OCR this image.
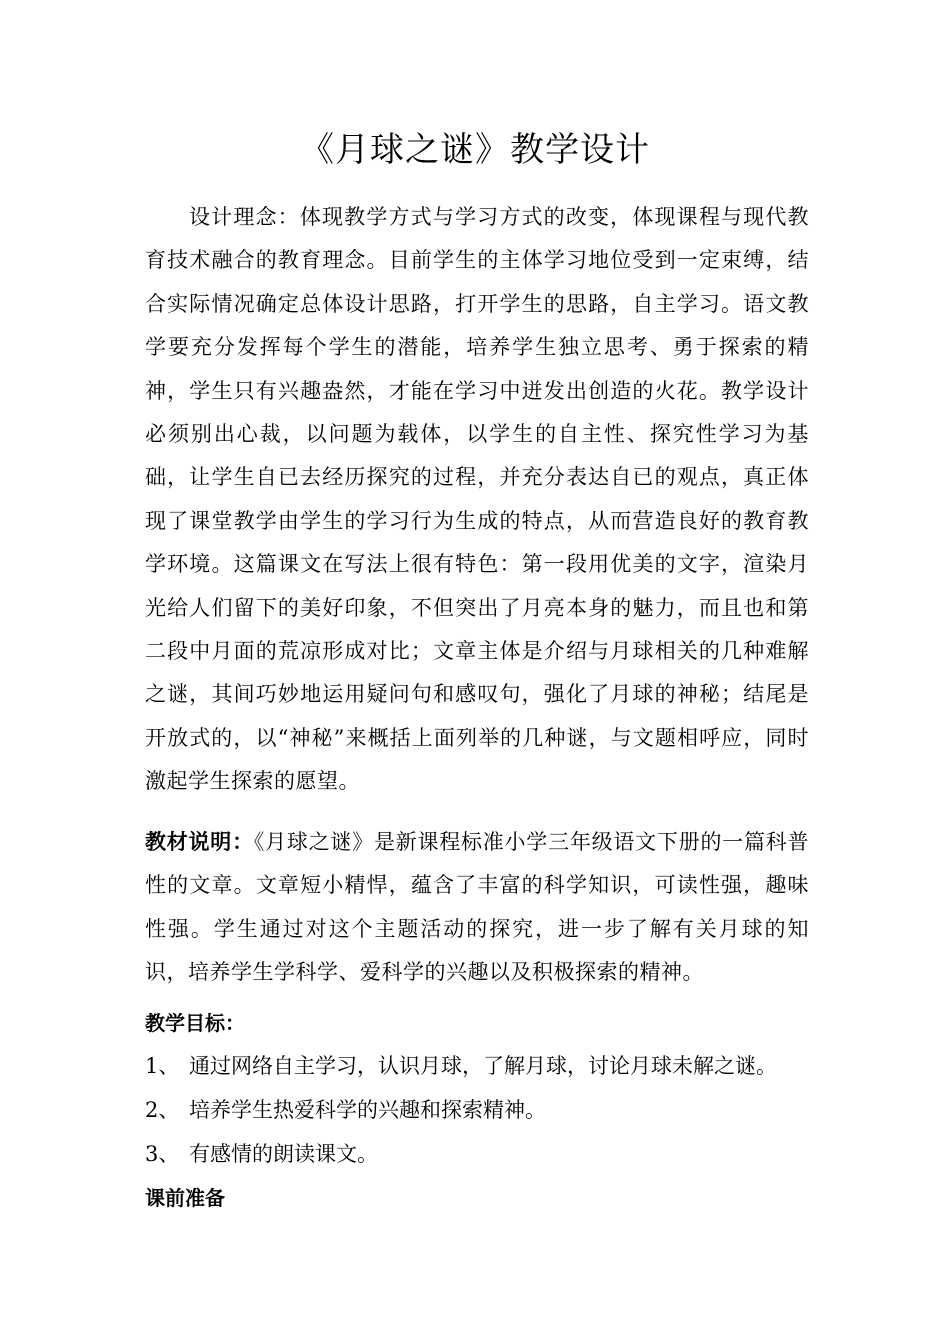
《月球之谜》教学设计
设计理念：体现教学方式与学习方式的改变，体现课程与现代教育技术融合的教育理念。目前学生的主体学习地位受到一定束缚，结合实际情况确定总体设计思路，打开学生的思路，自主学习。语文教学要充分发挥每个学生的潜能，培养学生独立思考、勇于探索的精神，学生只有兴趣盎然，才能在学习中迸发出创造的火花。教学设计必须别出心裁，以问题为载体，以学生的自主性、探究性学习为基础，让学生自已去经历探究的过程，并充分表达自已的观点，真正体现了课堂教学由学生的学习行为生成的特点，从而营造良好的教育教学环境。这篇课文在写法上很有特色：第一段用优美的文字，渲染月光给人们留下的美好印象，不但突出了月亮本身的魅力，而且也和第二段中月面的荒凉形成对比；文章主体是介绍与月球相关的几种难解之谜，其间巧妙地运用疑问句和感叹句，强化了月球的神秘；结尾是开放式的，以“神秘”来概括上面列举的几种谜，与文题相呼应，同时激起学生探索的愿望。
教材说明：《月球之谜》是新课程标准小学三年级语文下册的一篇科普性的文章。文章短小精悍，蕴含了丰富的科学知识，可读性强，趣味性强。学生通过对这个主题活动的探究，进一步了解有关月球的知识，培养学生学科学、爱科学的兴趣以及积极探索的精神。
教学目标：
1、 通过网络自主学习，认识月球，了解月球，讨论月球未解之谜。
2、 培养学生热爱科学的兴趣和探索精神。
3、 有感情的朗读课文。
课前准备
